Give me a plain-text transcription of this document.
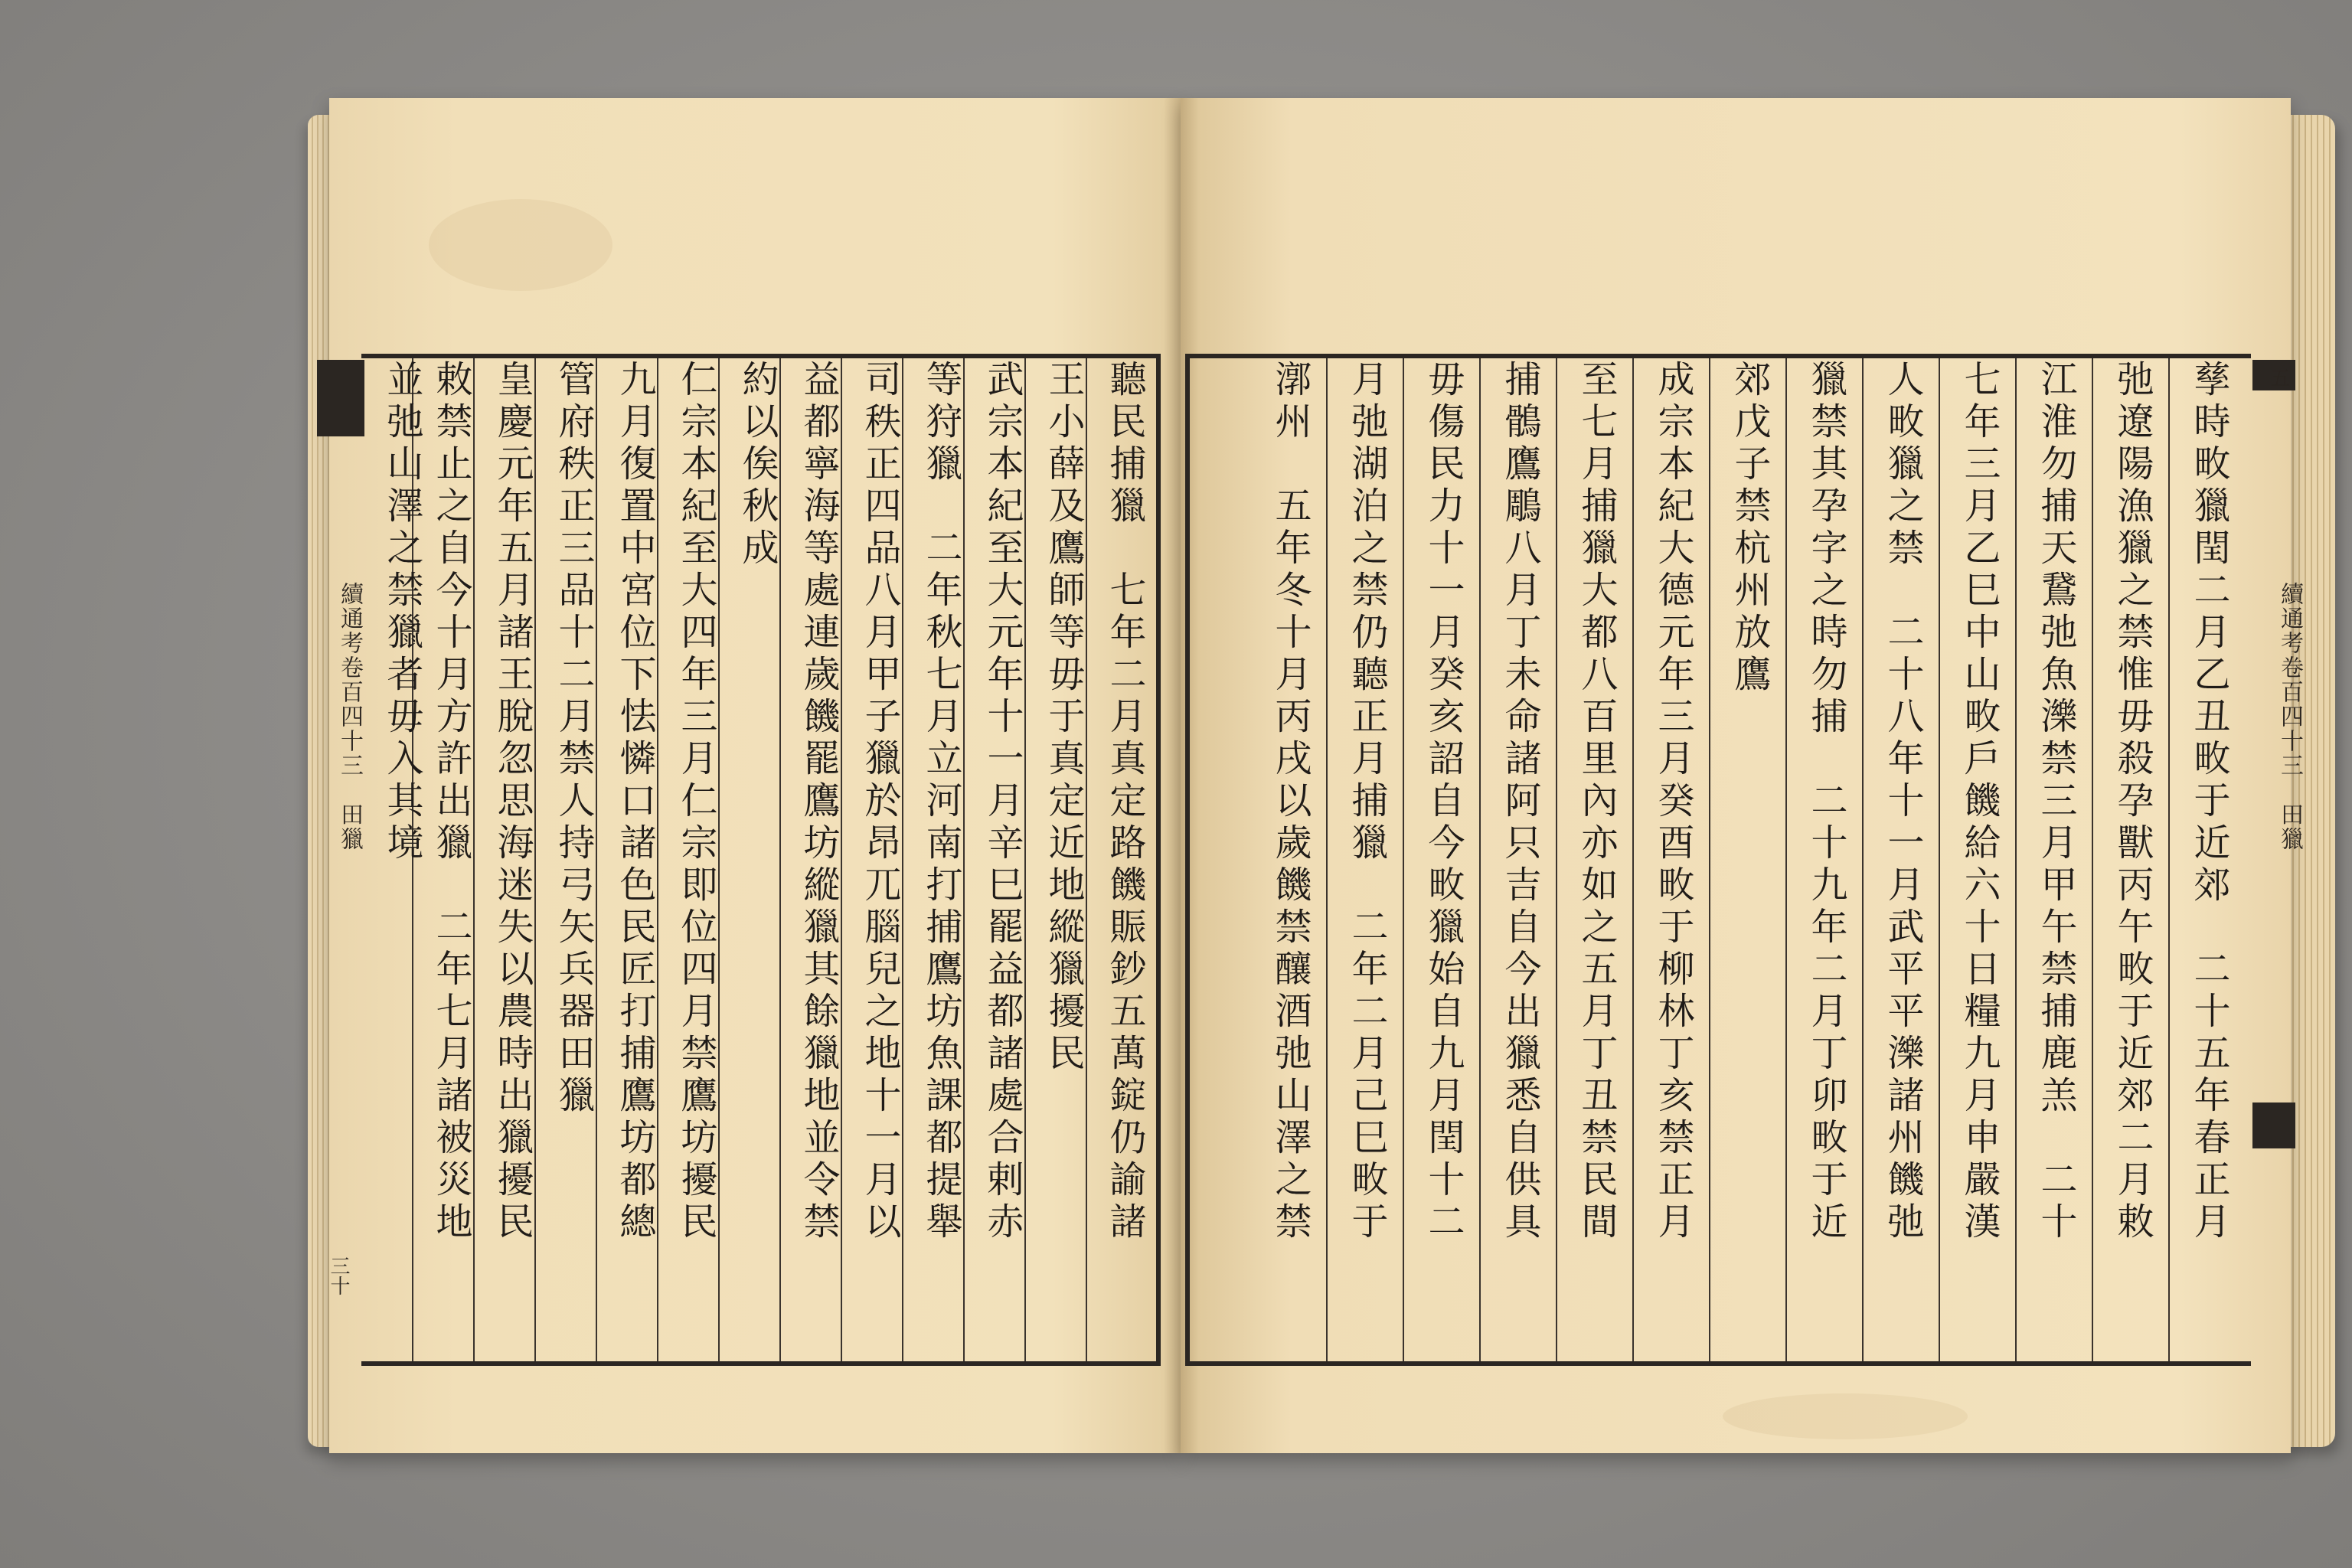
續通考卷百四十三　田獵
三十
續通考卷百四十三　田獵
五
聽民捕獵　七年二月真定路饑賑鈔五萬錠仍諭諸
王小薛及鷹師等毋于真定近地縱獵擾民
武宗本紀至大元年十一月辛巳罷益都諸處合剌赤
等狩獵　二年秋七月立河南打捕鷹坊魚課都提舉
司秩正四品八月甲子獵於昂兀腦兒之地十一月以
益都寧海等處連歲饑罷鷹坊縱獵其餘獵地並令禁
約以俟秋成
仁宗本紀至大四年三月仁宗即位四月禁鷹坊擾民
九月復置中宮位下怯憐口諸色民匠打捕鷹坊都總
管府秩正三品十二月禁人持弓矢兵器田獵
皇慶元年五月諸王脫忽思海迷失以農時出獵擾民
敕禁止之自今十月方許出獵　二年七月諸被災地
並弛山澤之禁獵者毋入其境	孳時畋獵閏二月乙丑畋于近郊　二十五年春正月
弛遼陽漁獵之禁惟毋殺孕獸丙午畋于近郊二月敕
江淮勿捕天鵞弛魚濼禁三月甲午禁捕鹿羔　二十
七年三月乙巳中山畋戶饑給六十日糧九月申嚴漢
人畋獵之禁　二十八年十一月武平平濼諸州饑弛
獵禁其孕字之時勿捕　二十九年二月丁卯畋于近
郊戊子禁杭州放鷹
成宗本紀大德元年三月癸酉畋于柳林丁亥禁正月
至七月捕獵大都八百里內亦如之五月丁丑禁民間
捕鶻鷹鵰八月丁未命諸阿只吉自今出獵悉自供具
毋傷民力十一月癸亥詔自今畋獵始自九月閏十二
月弛湖泊之禁仍聽正月捕獵　二年二月己巳畋于
漷州　五年冬十月丙戌以歲饑禁釀酒弛山澤之禁
